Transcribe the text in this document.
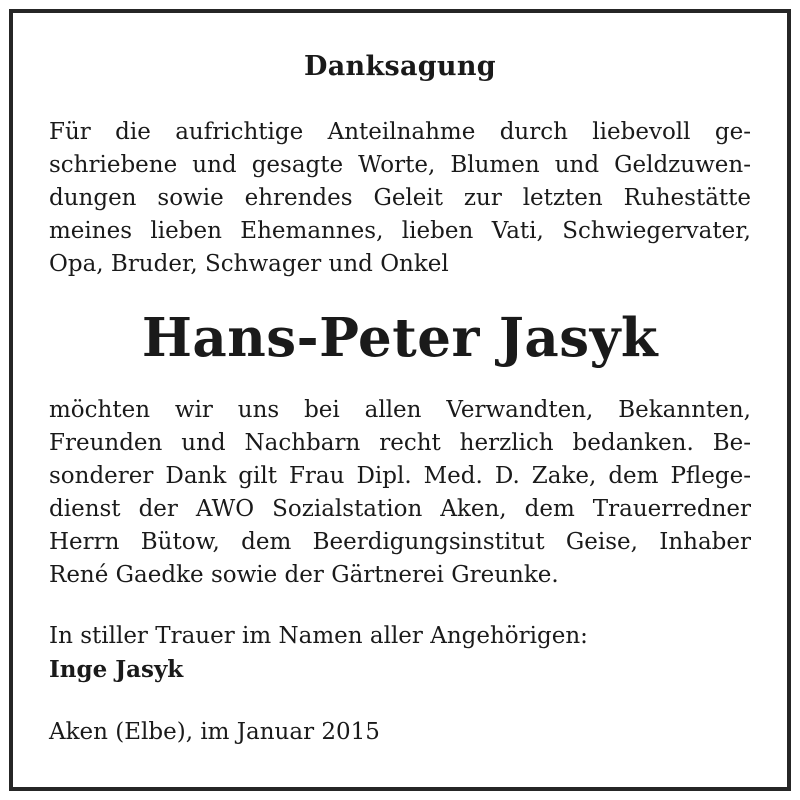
Danksagung
Für die aufrichtige Anteilnahme durch liebevoll ge-
schriebene und gesagte Worte, Blumen und Geldzuwen-
dungen sowie ehrendes Geleit zur letzten Ruhestätte
meines lieben Ehemannes, lieben Vati, Schwiegervater,
Opa, Bruder, Schwager und Onkel
Hans-Peter Jasyk
möchten wir uns bei allen Verwandten, Bekannten,
Freunden und Nachbarn recht herzlich bedanken. Be-
sonderer Dank gilt Frau Dipl. Med. D. Zake, dem Pflege-
dienst der AWO Sozialstation Aken, dem Trauerredner
Herrn Bütow, dem Beerdigungsinstitut Geise, Inhaber
René Gaedke sowie der Gärtnerei Greunke.
In stiller Trauer im Namen aller Angehörigen:
Inge Jasyk
Aken (Elbe), im Januar 2015
